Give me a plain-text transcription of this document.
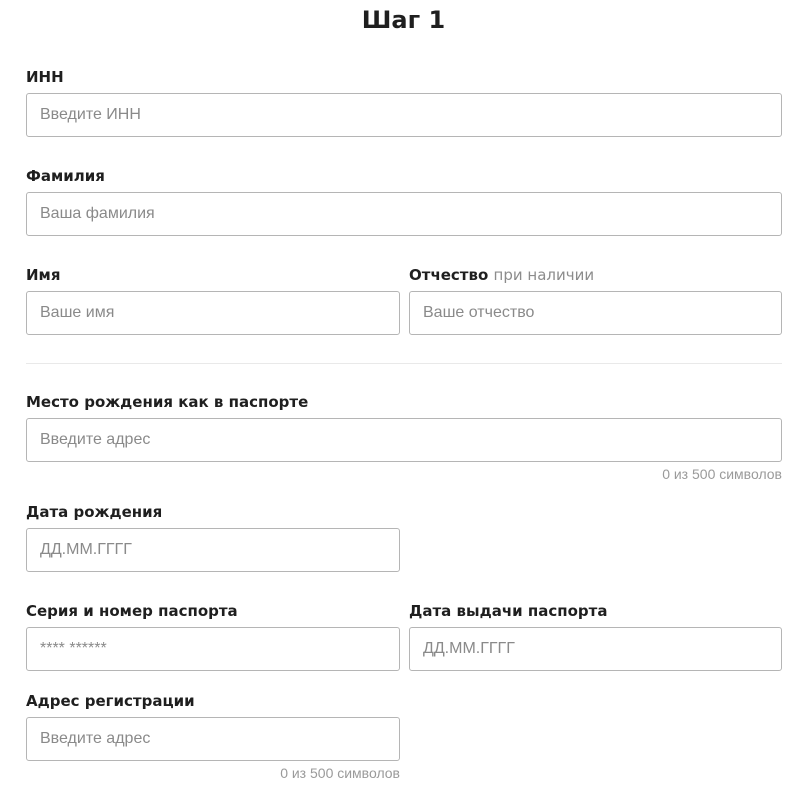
Шаг 1
ИНН
Введите ИНН
Фамилия
Ваша фамилия
Имя
Ваше имя	Отчество при наличии
Ваше отчество
Место рождения как в паспорте
Введите адрес
0 из 500 символов
Дата рождения
ДД.ММ.ГГГГ
Серия и номер паспорта
**** ******	Дата выдачи паспорта
ДД.ММ.ГГГГ
Адрес регистрации
Введите адрес
0 из 500 символов
